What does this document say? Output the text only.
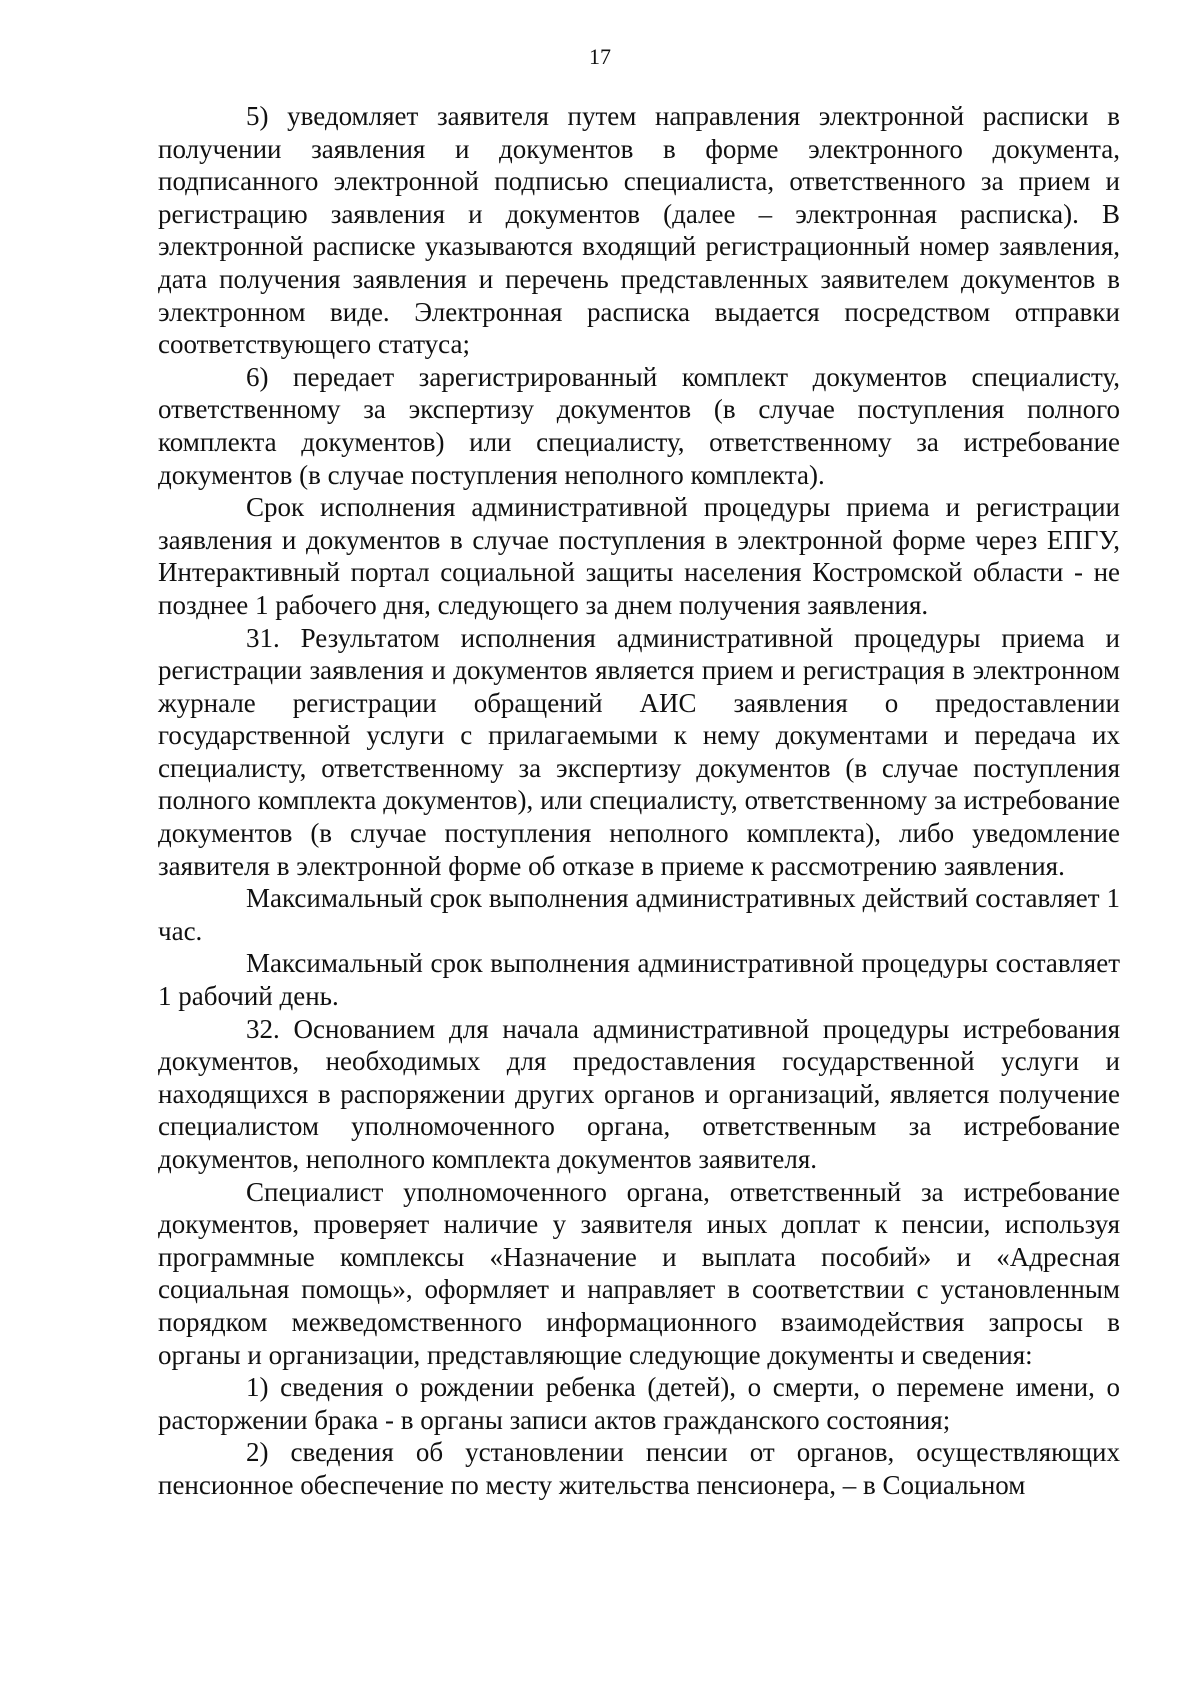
17

5) уведомляет заявителя путем направления электронной расписки в получении заявления и документов в форме электронного документа, подписанного электронной подписью специалиста, ответственного за прием и регистрацию заявления и документов (далее – электронная расписка). В электронной расписке указываются входящий регистрационный номер заявления, дата получения заявления и перечень представленных заявителем документов в электронном виде. Электронная расписка выдается посредством отправки соответствующего статуса;

6) передает зарегистрированный комплект документов специалисту, ответственному за экспертизу документов (в случае поступления полного комплекта документов) или специалисту, ответственному за истребование документов (в случае поступления неполного комплекта).

Срок исполнения административной процедуры приема и регистрации заявления и документов в случае поступления в электронной форме через ЕПГУ, Интерактивный портал социальной защиты населения Костромской области - не позднее 1 рабочего дня, следующего за днем получения заявления.

31. Результатом исполнения административной процедуры приема и регистрации заявления и документов является прием и регистрация в электронном журнале регистрации обращений АИС заявления о предоставлении государственной услуги с прилагаемыми к нему документами и передача их специалисту, ответственному за экспертизу документов (в случае поступления полного комплекта документов), или специалисту, ответственному за истребование документов (в случае поступления неполного комплекта), либо уведомление заявителя в электронной форме об отказе в приеме к рассмотрению заявления.

Максимальный срок выполнения административных действий составляет 1 час.

Максимальный срок выполнения административной процедуры составляет 1 рабочий день.

32. Основанием для начала административной процедуры истребования документов, необходимых для предоставления государственной услуги и находящихся в распоряжении других органов и организаций, является получение специалистом уполномоченного органа, ответственным за истребование документов, неполного комплекта документов заявителя.

Специалист уполномоченного органа, ответственный за истребование документов, проверяет наличие у заявителя иных доплат к пенсии, используя программные комплексы «Назначение и выплата пособий» и «Адресная социальная помощь», оформляет и направляет в соответствии с установленным порядком межведомственного информационного взаимодействия запросы в органы и организации, представляющие следующие документы и сведения:

1) сведения о рождении ребенка (детей), о смерти, о перемене имени, о расторжении брака - в органы записи актов гражданского состояния;

2) сведения об установлении пенсии от органов, осуществляющих пенсионное обеспечение по месту жительства пенсионера, – в Социальном
